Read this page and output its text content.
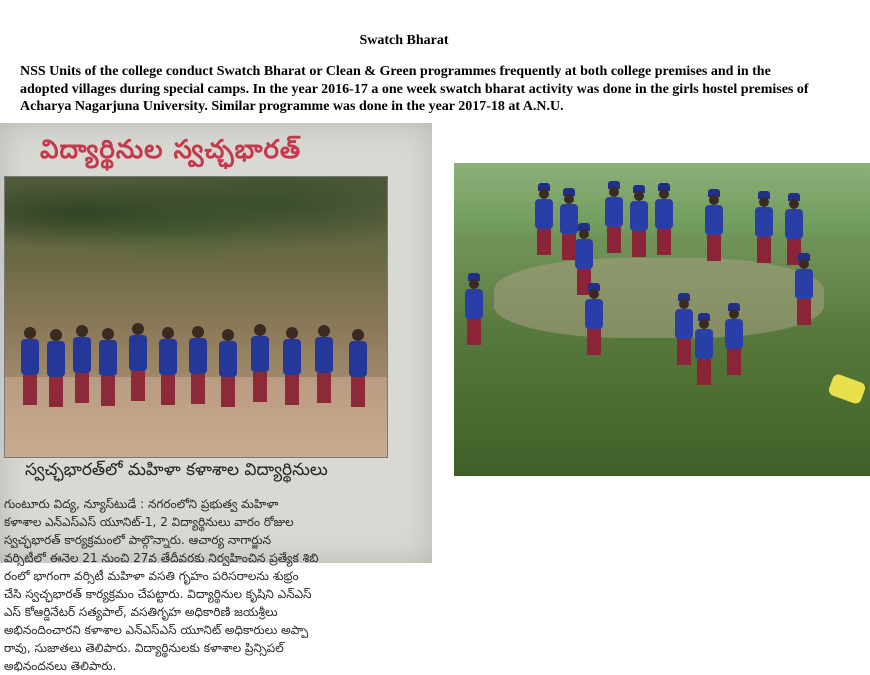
Swatch Bharat

NSS Units of the college conduct Swatch Bharat or Clean & Green programmes frequently at both college premises and in the adopted villages during special camps. In the year 2016-17 a one week swatch bharat activity was done in the girls hostel premises of Acharya Nagarjuna University. Similar programme was done in the year 2017-18 at A.N.U.

విద్యార్థినుల స్వచ్ఛభారత్
స్వచ్ఛభారత్‌లో మహిళా కళాశాల విద్యార్థినులు

గుంటూరు విద్య, న్యూస్‌టుడే : నగరంలోని ప్రభుత్వ మహిళా
కళాశాల ఎన్‌ఎస్‌ఎస్ యూనిట్-1, 2 విద్యార్థినులు వారం రోజుల
స్వచ్ఛభారత్ కార్యక్రమంలో పాల్గొన్నారు. ఆచార్య నాగార్జున
వర్సిటీలో ఈనెల 21 నుంచి 27వ తేదీవరకు నిర్వహించిన ప్రత్యేక శిబి
రంలో భాగంగా వర్సిటీ మహిళా వసతి గృహం పరిసరాలను శుభ్రం
చేసి స్వచ్ఛభారత్ కార్యక్రమం చేపట్టారు. విద్యార్థినుల కృషిని ఎన్‌ఎస్
ఎస్ కోఆర్డినేటర్ సత్యపాల్, వసతిగృహ అధికారిణి జయశ్రీలు
అభినందించారని కళాశాల ఎన్‌ఎస్‌ఎస్ యూనిట్ అధికారులు అప్పా
రావు, సుజాతలు తెలిపారు. విద్యార్థినులకు కళాశాల ప్రిన్సిపల్
అభినందనలు తెలిపారు.
